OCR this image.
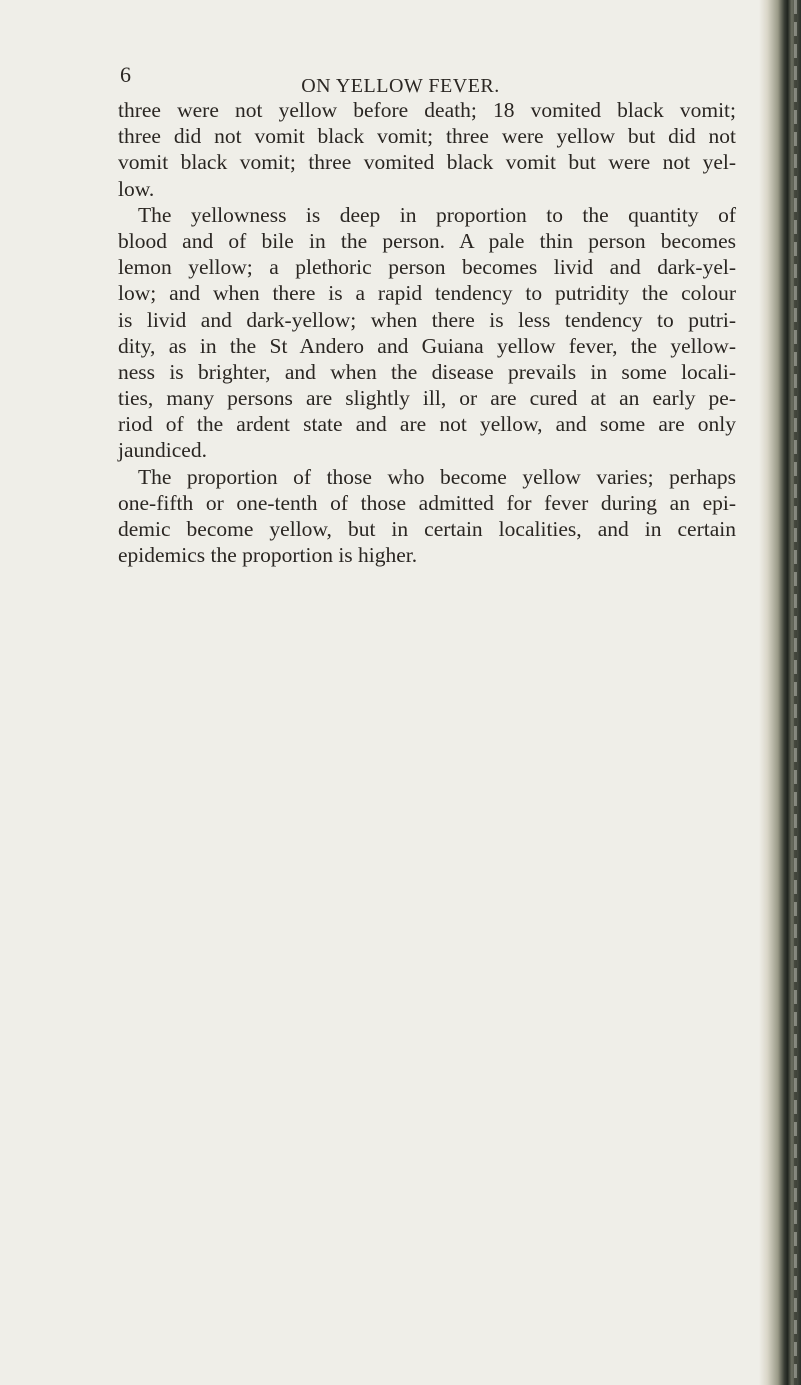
6	ON YELLOW FEVER.
three were not yellow before death; 18 vomited black vomit;
three did not vomit black vomit; three were yellow but did not
vomit black vomit; three vomited black vomit but were not yel-
low.
The yellowness is deep in proportion to the quantity of
blood and of bile in the person. A pale thin person becomes
lemon yellow; a plethoric person becomes livid and dark-yel-
low; and when there is a rapid tendency to putridity the colour
is livid and dark-yellow; when there is less tendency to putri-
dity, as in the St Andero and Guiana yellow fever, the yellow-
ness is brighter, and when the disease prevails in some locali-
ties, many persons are slightly ill, or are cured at an early pe-
riod of the ardent state and are not yellow, and some are only
jaundiced.
The proportion of those who become yellow varies; perhaps
one-fifth or one-tenth of those admitted for fever during an epi-
demic become yellow, but in certain localities, and in certain
epidemics the proportion is higher.
